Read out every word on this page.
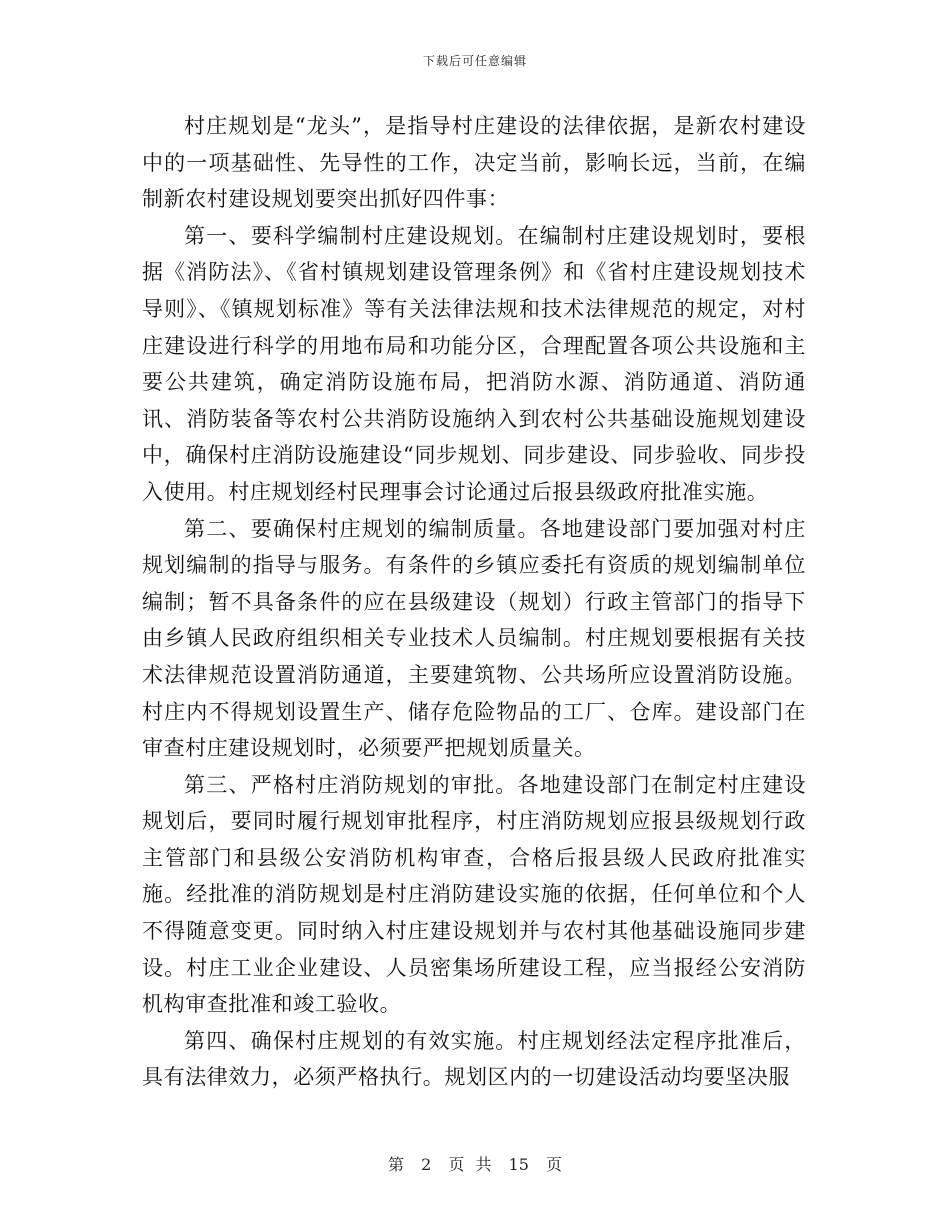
下载后可任意编辑

村庄规划是“龙头”，是指导村庄建设的法律依据，是新农村建设中的一项基础性、先导性的工作，决定当前，影响长远，当前，在编制新农村建设规划要突出抓好四件事：

第一、要科学编制村庄建设规划。在编制村庄建设规划时，要根据《消防法》、《省村镇规划建设管理条例》和《省村庄建设规划技术导则》、《镇规划标准》等有关法律法规和技术法律规范的规定，对村庄建设进行科学的用地布局和功能分区，合理配置各项公共设施和主要公共建筑，确定消防设施布局，把消防水源、消防通道、消防通讯、消防装备等农村公共消防设施纳入到农村公共基础设施规划建设中，确保村庄消防设施建设“同步规划、同步建设、同步验收、同步投入使用。村庄规划经村民理事会讨论通过后报县级政府批准实施。

第二、要确保村庄规划的编制质量。各地建设部门要加强对村庄规划编制的指导与服务。有条件的乡镇应委托有资质的规划编制单位编制；暂不具备条件的应在县级建设（规划）行政主管部门的指导下由乡镇人民政府组织相关专业技术人员编制。村庄规划要根据有关技术法律规范设置消防通道，主要建筑物、公共场所应设置消防设施。村庄内不得规划设置生产、储存危险物品的工厂、仓库。建设部门在审查村庄建设规划时，必须要严把规划质量关。

第三、严格村庄消防规划的审批。各地建设部门在制定村庄建设规划后，要同时履行规划审批程序，村庄消防规划应报县级规划行政主管部门和县级公安消防机构审查，合格后报县级人民政府批准实施。经批准的消防规划是村庄消防建设实施的依据，任何单位和个人不得随意变更。同时纳入村庄建设规划并与农村其他基础设施同步建设。村庄工业企业建设、人员密集场所建设工程，应当报经公安消防机构审查批准和竣工验收。

第四、确保村庄规划的有效实施。村庄规划经法定程序批准后，具有法律效力，必须严格执行。规划区内的一切建设活动均要坚决服

第 2 页 共 15 页
